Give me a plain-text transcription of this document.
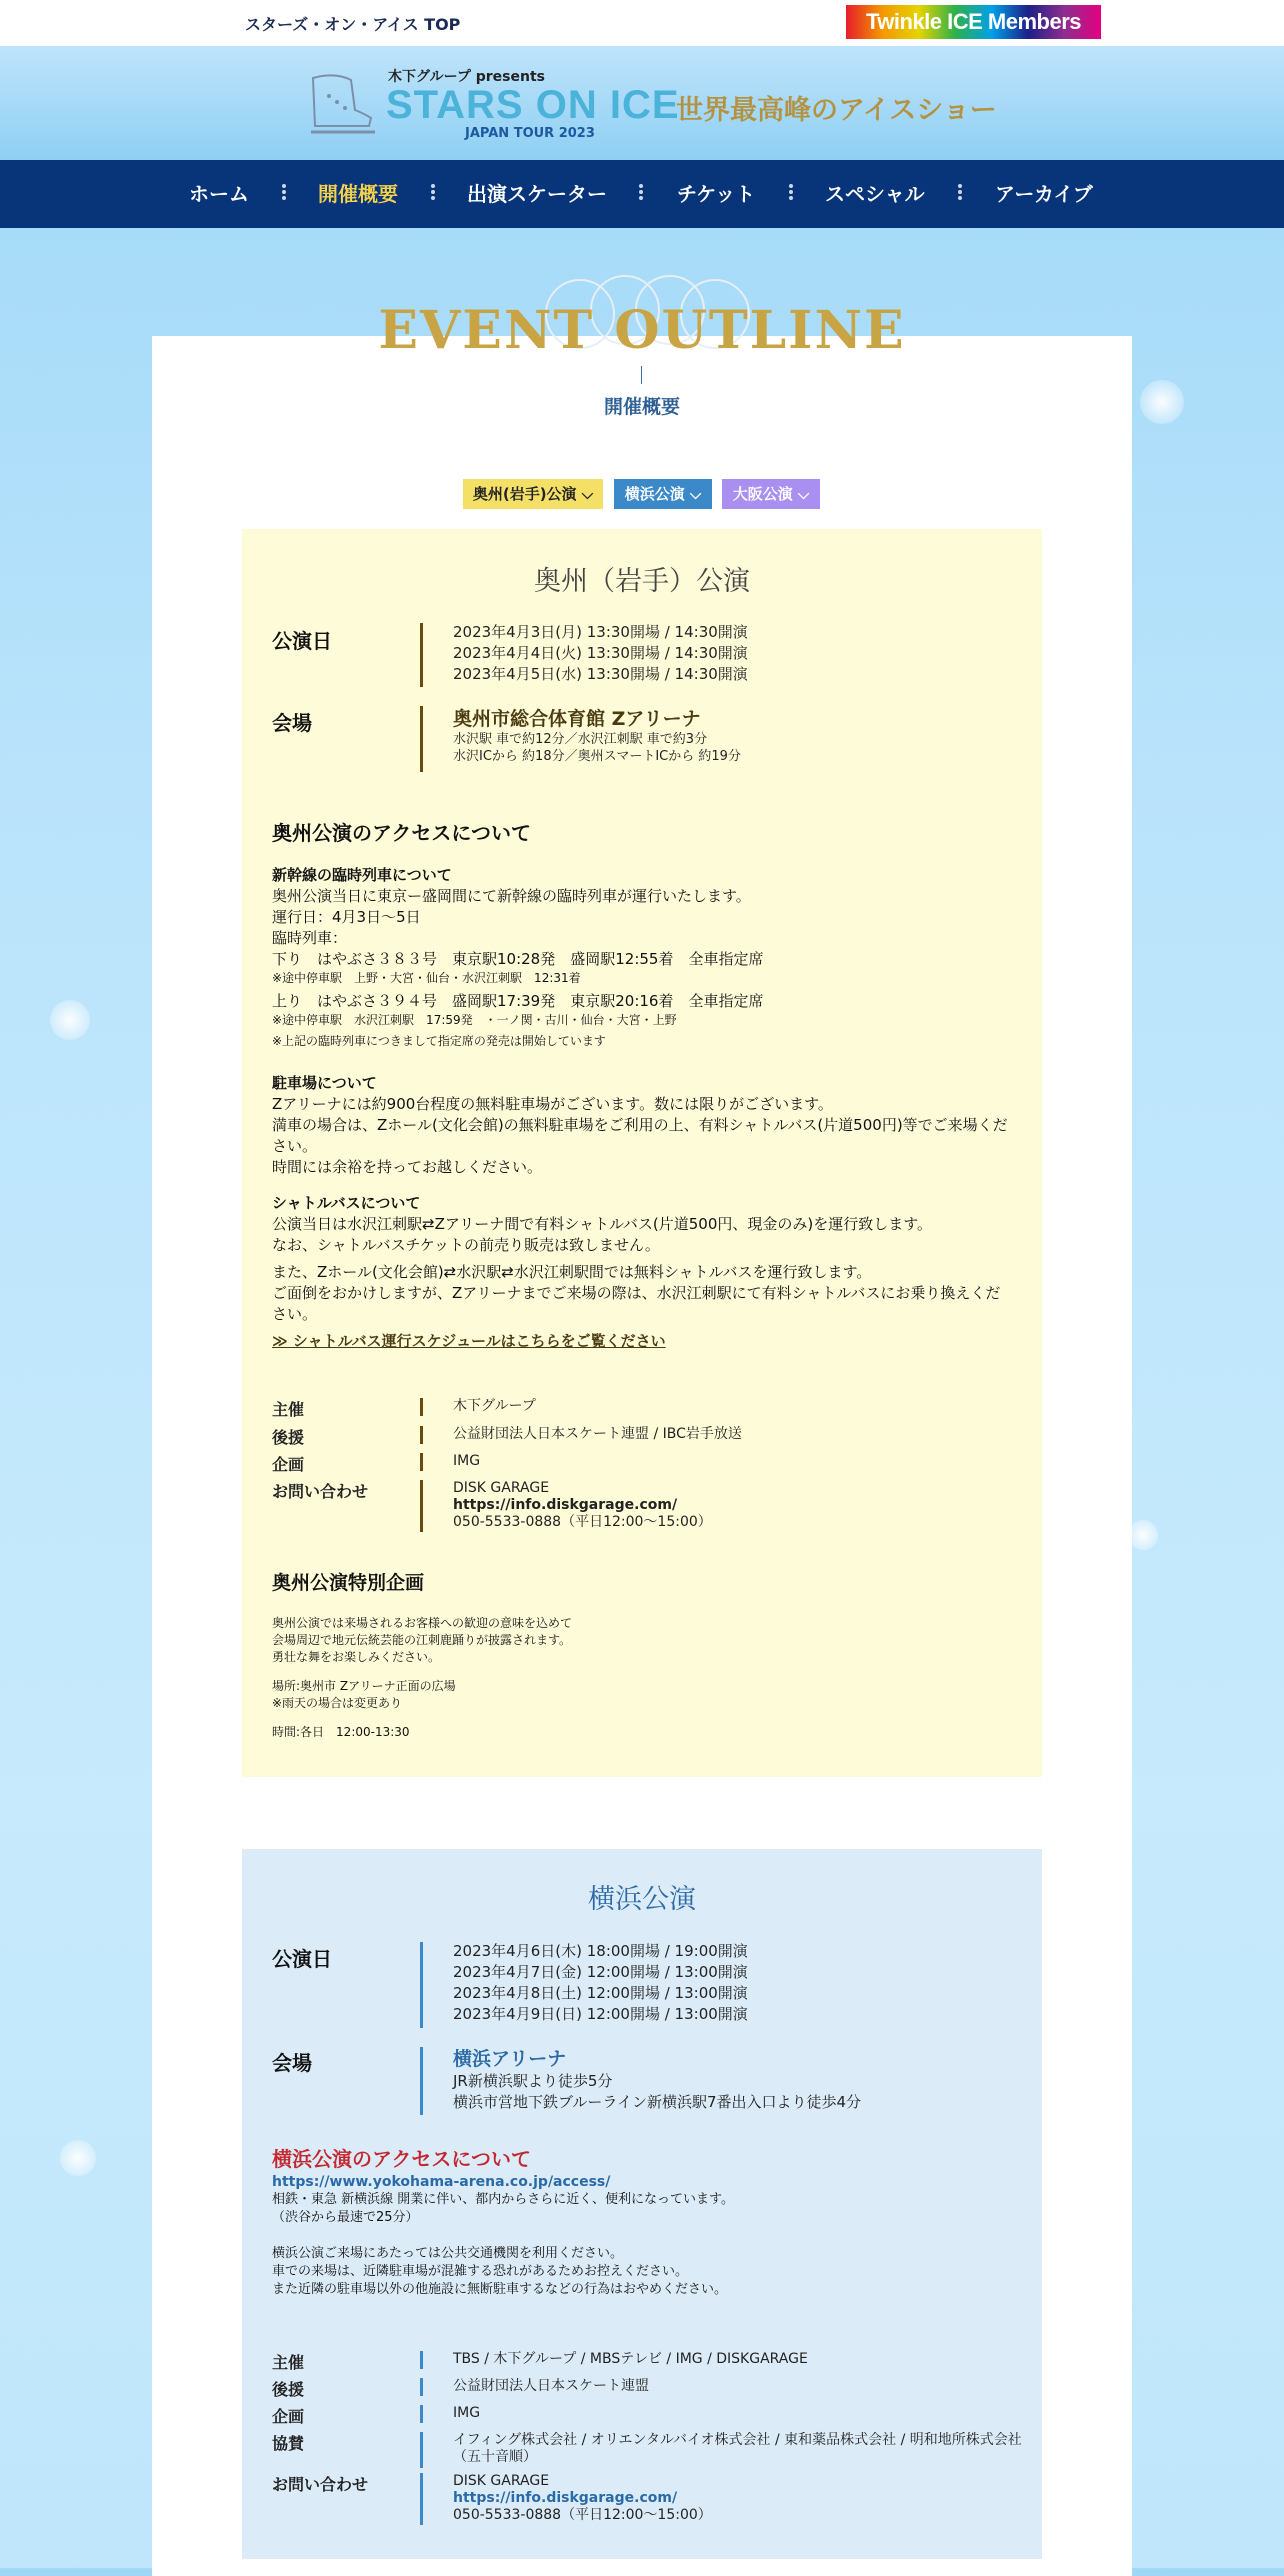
スターズ・オン・アイス TOP	Twinkle ICE Members
木下グループ presents
STARS ON ICE
JAPAN TOUR 2023
世界最高峰のアイスショー
ホーム	開催概要	出演スケーター	チケット	スペシャル	アーカイブ
EVENT OUTLINE
開催概要
奥州(岩手)公演 ⌵	横浜公演 ⌵	大阪公演 ⌵
奥州（岩手）公演
公演日	2023年4月3日(月) 13:30開場 / 14:30開演
2023年4月4日(火) 13:30開場 / 14:30開演
2023年4月5日(水) 13:30開場 / 14:30開演
会場	奥州市総合体育館 Zアリーナ
水沢駅 車で約12分／水沢江刺駅 車で約3分
水沢ICから 約18分／奥州スマートICから 約19分
奥州公演のアクセスについて
新幹線の臨時列車について
奥州公演当日に東京ー盛岡間にて新幹線の臨時列車が運行いたします。
運行日：4月3日～5日
臨時列車：
下り　はやぶさ３８３号　東京駅10:28発　盛岡駅12:55着　全車指定席
※途中停車駅　上野・大宮・仙台・水沢江刺駅　12:31着
上り　はやぶさ３９４号　盛岡駅17:39発　東京駅20:16着　全車指定席
※途中停車駅　水沢江刺駅　17:59発　・一ノ関・古川・仙台・大宮・上野
※上記の臨時列車につきまして指定席の発売は開始しています
駐車場について
Zアリーナには約900台程度の無料駐車場がございます。数には限りがございます。
満車の場合は、Zホール(文化会館)の無料駐車場をご利用の上、有料シャトルバス(片道500円)等でご来場ください。
時間には余裕を持ってお越しください。
シャトルバスについて
公演当日は水沢江刺駅⇄Zアリーナ間で有料シャトルバス(片道500円、現金のみ)を運行致します。
なお、シャトルバスチケットの前売り販売は致しません。
また、Zホール(文化会館)⇄水沢駅⇄水沢江刺駅間では無料シャトルバスを運行致します。
ご面倒をおかけしますが、Zアリーナまでご来場の際は、水沢江刺駅にて有料シャトルバスにお乗り換えください。
≫ シャトルバス運行スケジュールはこちらをご覧ください
主催	木下グループ
後援	公益財団法人日本スケート連盟 / IBC岩手放送
企画	IMG
お問い合わせ	DISK GARAGE
https://info.diskgarage.com/
050-5533-0888（平日12:00～15:00）
奥州公演特別企画
奥州公演では来場されるお客様への歓迎の意味を込めて
会場周辺で地元伝統芸能の江刺鹿踊りが披露されます。
勇壮な舞をお楽しみください。
場所:奥州市 Zアリーナ正面の広場
※雨天の場合は変更あり
時間:各日　12:00-13:30
横浜公演
公演日	2023年4月6日(木) 18:00開場 / 19:00開演
2023年4月7日(金) 12:00開場 / 13:00開演
2023年4月8日(土) 12:00開場 / 13:00開演
2023年4月9日(日) 12:00開場 / 13:00開演
会場	横浜アリーナ
JR新横浜駅より徒歩5分
横浜市営地下鉄ブルーライン新横浜駅7番出入口より徒歩4分
横浜公演のアクセスについて
https://www.yokohama-arena.co.jp/access/
相鉄・東急 新横浜線 開業に伴い、都内からさらに近く、便利になっています。
（渋谷から最速で25分）
横浜公演ご来場にあたっては公共交通機関を利用ください。
車での来場は、近隣駐車場が混雑する恐れがあるためお控えください。
また近隣の駐車場以外の他施設に無断駐車するなどの行為はおやめください。
主催	TBS / 木下グループ / MBSテレビ / IMG / DISKGARAGE
後援	公益財団法人日本スケート連盟
企画	IMG
協賛	イフィング株式会社 / オリエンタルバイオ株式会社 / 東和薬品株式会社 / 明和地所株式会社（五十音順）
お問い合わせ	DISK GARAGE
https://info.diskgarage.com/
050-5533-0888（平日12:00～15:00）
